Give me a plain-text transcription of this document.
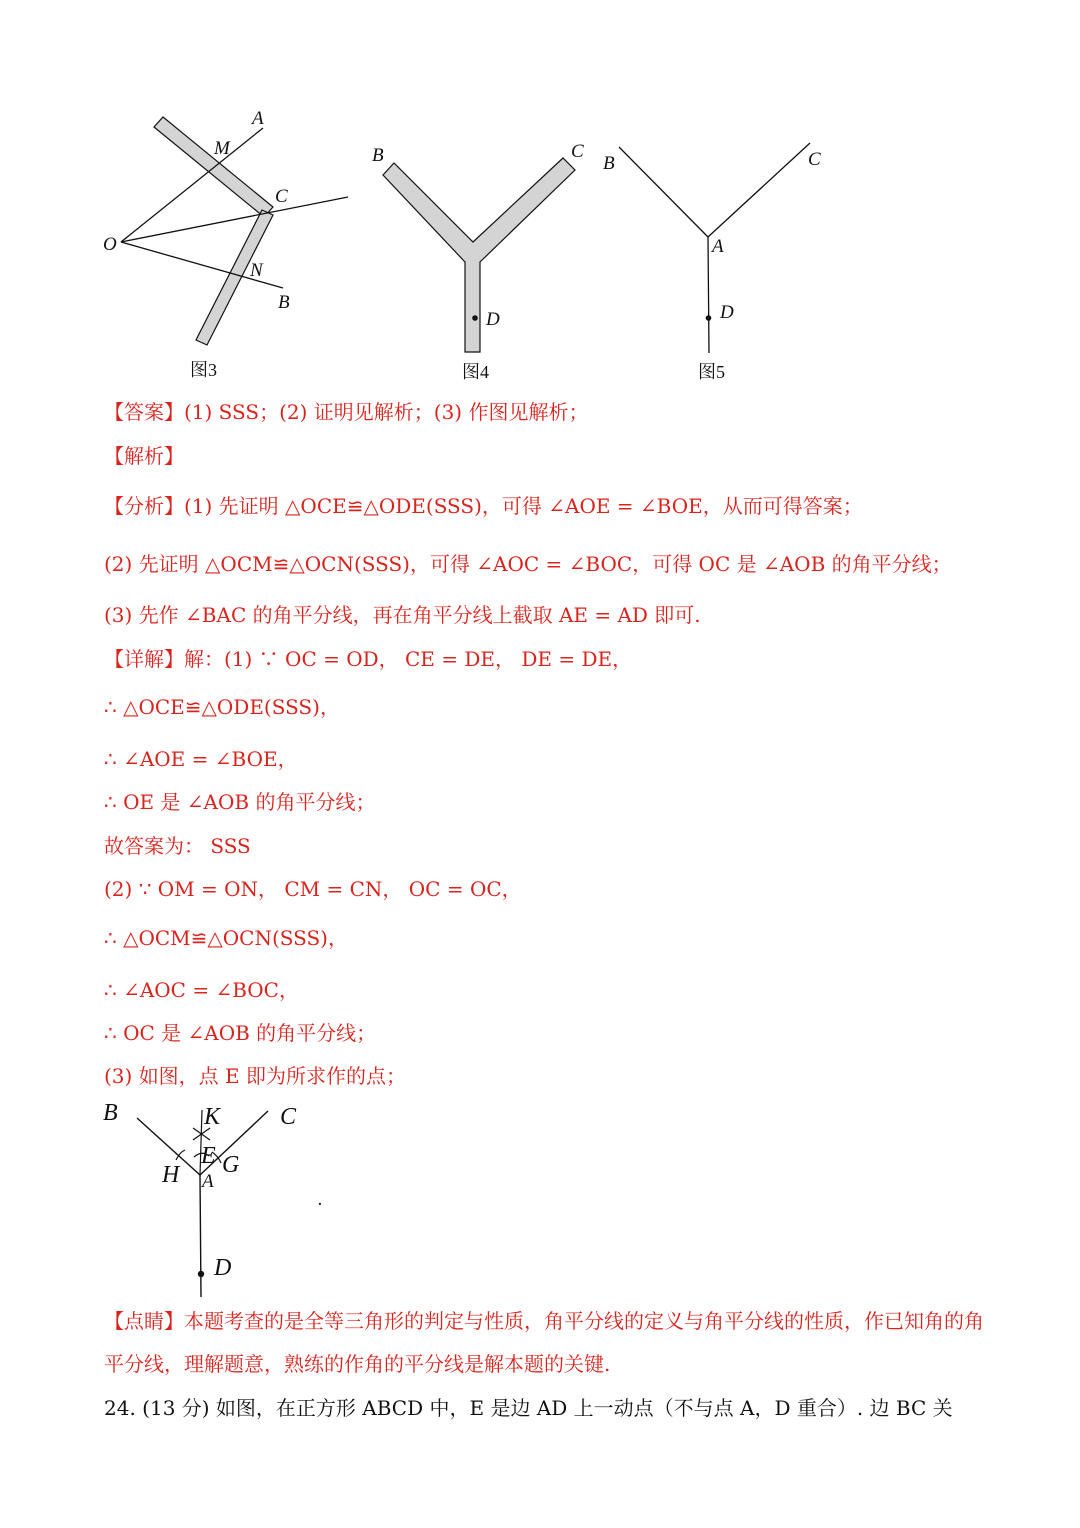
A
M
C
O
N
B
图3
B	C
D
图4
B	C
A
D
图5
【答案】(1) SSS；(2) 证明见解析；(3) 作图见解析；
【解析】
【分析】(1) 先证明 △OCE≌△ODE(SSS)，可得 ∠AOE = ∠BOE，从而可得答案；
(2) 先证明 △OCM≌△OCN(SSS)，可得 ∠AOC = ∠BOC，可得 OC 是 ∠AOB 的角平分线；
(3) 先作 ∠BAC 的角平分线，再在角平分线上截取 AE = AD 即可.
【详解】解：(1) ∵ OC = OD， CE = DE， DE = DE，
∴ △OCE≌△ODE(SSS)，
∴ ∠AOE = ∠BOE，
∴ OE 是 ∠AOB 的角平分线；
故答案为： SSS
(2) ∵ OM = ON， CM = CN， OC = OC，
∴ △OCM≌△OCN(SSS)，
∴ ∠AOC = ∠BOC，
∴ OC 是 ∠AOB 的角平分线；
(3) 如图，点 E 即为所求作的点；
B	K C
E
H G
A
D
.
【点睛】本题考查的是全等三角形的判定与性质，角平分线的定义与角平分线的性质，作已知角的角平分线，理解题意，熟练的作角的平分线是解本题的关键.
24. (13 分) 如图，在正方形 ABCD 中，E 是边 AD 上一动点（不与点 A，D 重合）. 边 BC 关
